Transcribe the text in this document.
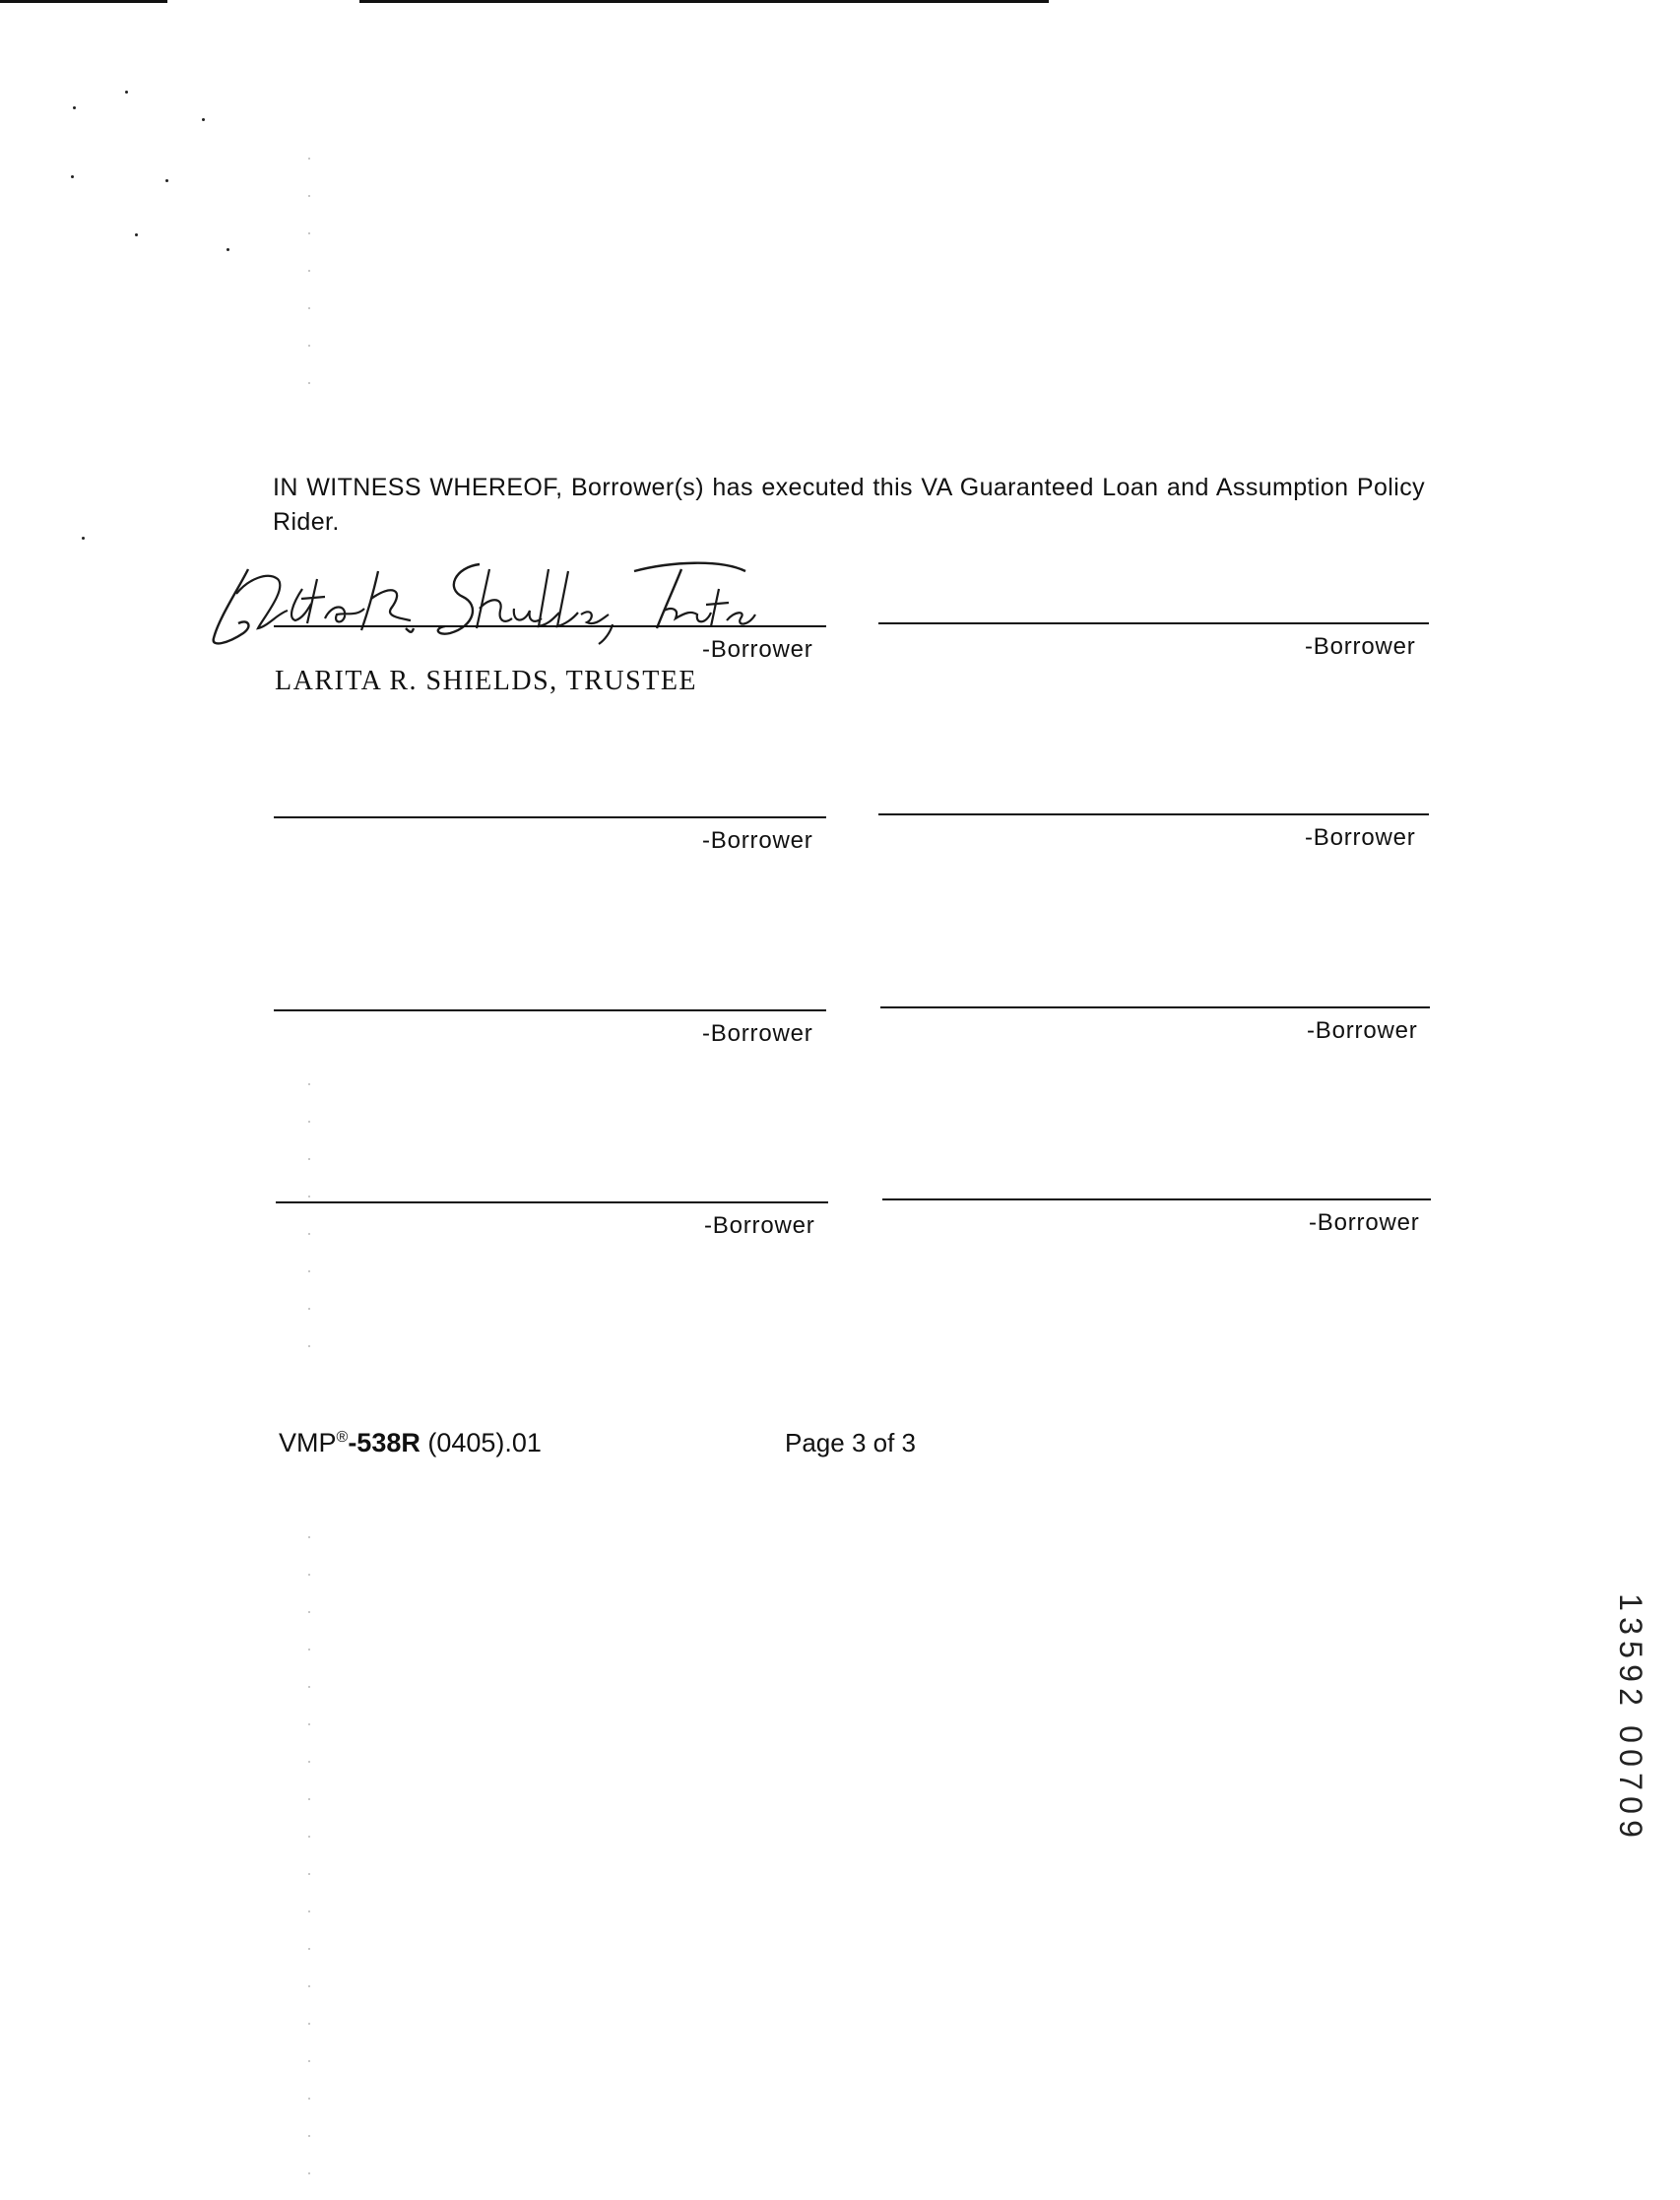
IN WITNESS WHEREOF, Borrower(s) has executed this VA Guaranteed Loan and Assumption Policy Rider.
-Borrower	-Borrower
LARITA R. SHIELDS, TRUSTEE
-Borrower	-Borrower
-Borrower	-Borrower
-Borrower	-Borrower
VMP®-538R (0405).01	Page 3 of 3
1
3
5
9
2
0
0
7
0
9
